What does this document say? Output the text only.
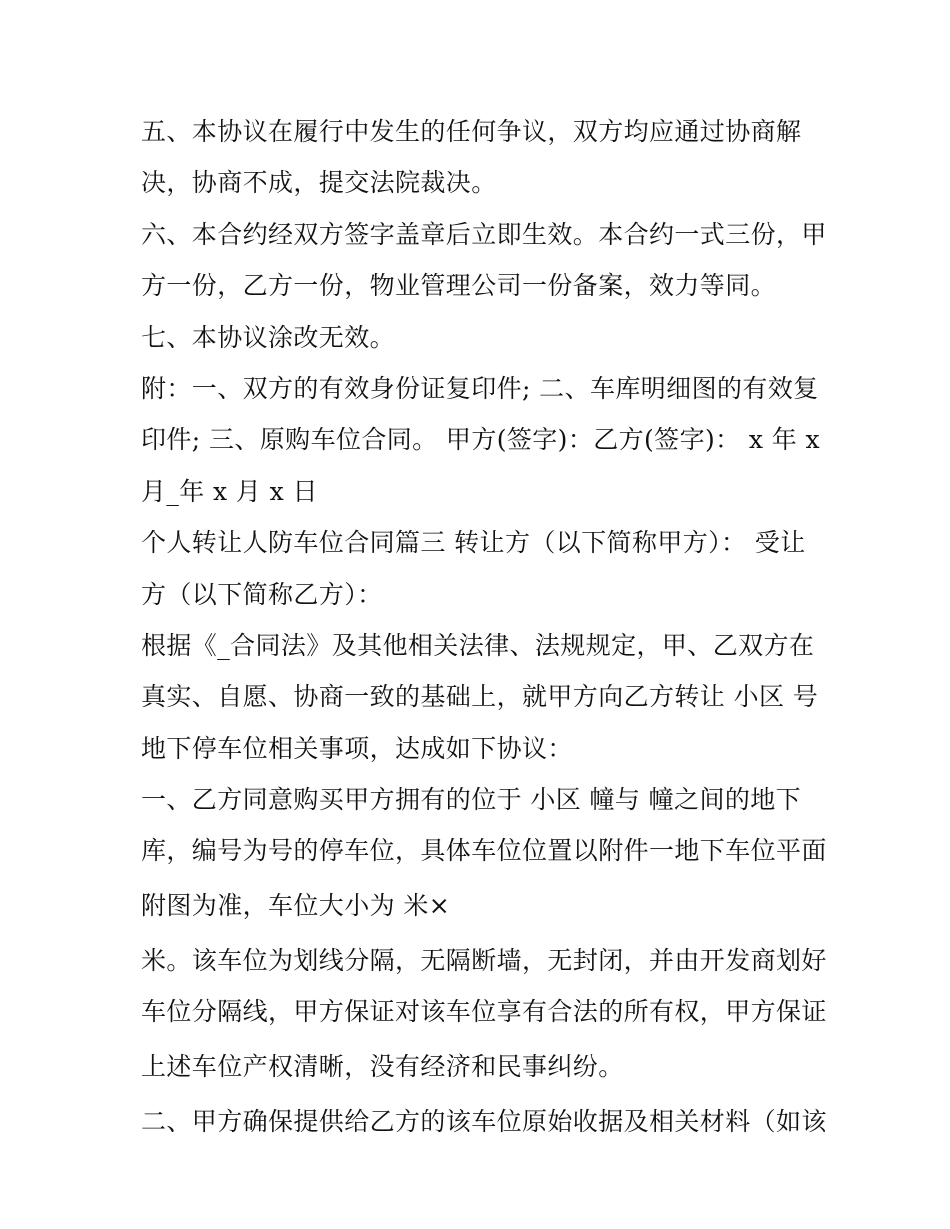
五、本协议在履行中发生的任何争议，双方均应通过协商解
决，协商不成，提交法院裁决。
六、本合约经双方签字盖章后立即生效。本合约一式三份，甲
方一份，乙方一份，物业管理公司一份备案，效力等同。
七、本协议涂改无效。
附：一、双方的有效身份证复印件; 二、车库明细图的有效复
印件; 三、原购车位合同。 甲方(签字)：乙方(签字)： x 年 x
月_年 x 月 x 日
个人转让人防车位合同篇三 转让方（以下简称甲方）： 受让
方（以下简称乙方）：
根据《_合同法》及其他相关法律、法规规定，甲、乙双方在
真实、自愿、协商一致的基础上，就甲方向乙方转让 小区 号
地下停车位相关事项，达成如下协议：
一、乙方同意购买甲方拥有的位于 小区 幢与 幢之间的地下
库，编号为号的停车位，具体车位位置以附件一地下车位平面
附图为准，车位大小为 米×
米。该车位为划线分隔，无隔断墙，无封闭，并由开发商划好
车位分隔线，甲方保证对该车位享有合法的所有权，甲方保证
上述车位产权清晰，没有经济和民事纠纷。
二、甲方确保提供给乙方的该车位原始收据及相关材料（如该
